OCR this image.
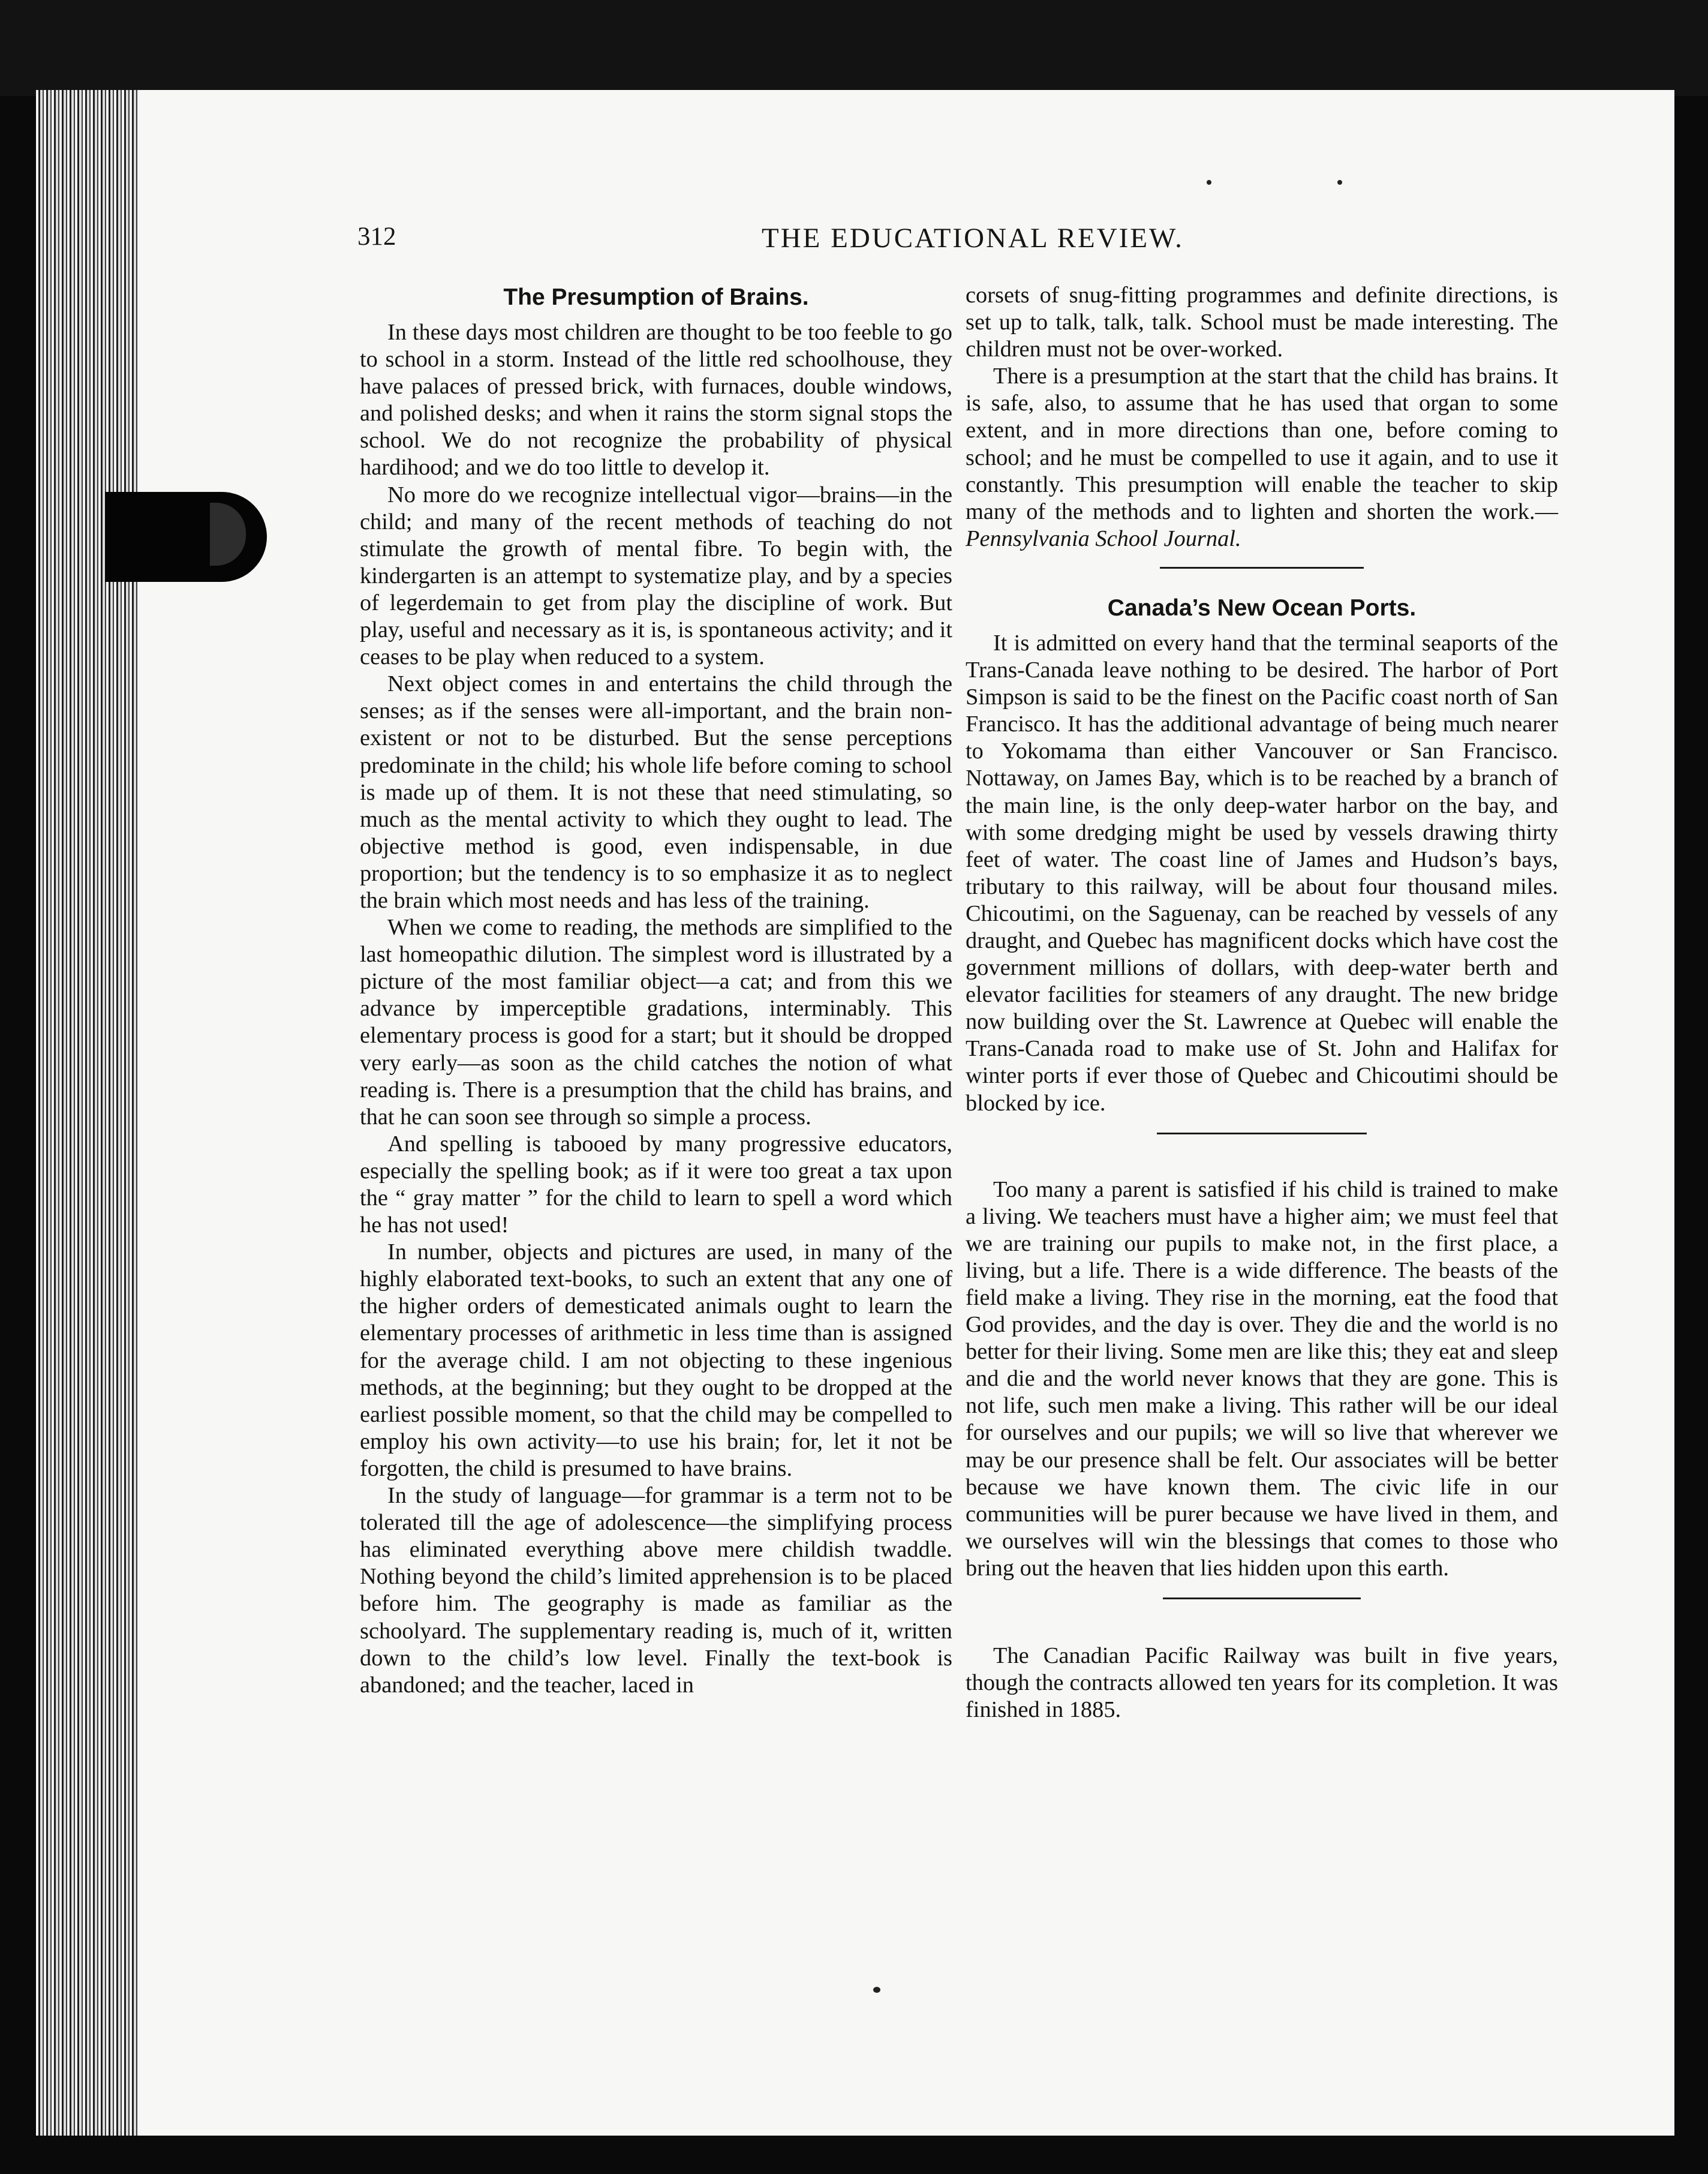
312	THE EDUCATIONAL REVIEW.
The Presumption of Brains.

In these days most children are thought to be too feeble to go to school in a storm. Instead of the little red schoolhouse, they have palaces of pressed brick, with furnaces, double windows, and polished desks; and when it rains the storm signal stops the school. We do not recognize the probability of physical hardihood; and we do too little to develop it.

No more do we recognize intellectual vigor—brains—in the child; and many of the recent methods of teaching do not stimulate the growth of mental fibre. To begin with, the kindergarten is an attempt to systematize play, and by a species of legerdemain to get from play the discipline of work. But play, useful and necessary as it is, is spontaneous activity; and it ceases to be play when reduced to a system.

Next object comes in and entertains the child through the senses; as if the senses were all-important, and the brain non-existent or not to be disturbed. But the sense perceptions predominate in the child; his whole life before coming to school is made up of them. It is not these that need stimulating, so much as the mental activity to which they ought to lead. The objective method is good, even indispensable, in due proportion; but the tendency is to so emphasize it as to neglect the brain which most needs and has less of the training.

When we come to reading, the methods are simplified to the last homeopathic dilution. The simplest word is illustrated by a picture of the most familiar object—a cat; and from this we advance by imperceptible gradations, interminably. This elementary process is good for a start; but it should be dropped very early—as soon as the child catches the notion of what reading is. There is a presumption that the child has brains, and that he can soon see through so simple a process.

And spelling is tabooed by many progressive educators, especially the spelling book; as if it were too great a tax upon the “ gray matter ” for the child to learn to spell a word which he has not used!

In number, objects and pictures are used, in many of the highly elaborated text-books, to such an extent that any one of the higher orders of demesticated animals ought to learn the elementary processes of arithmetic in less time than is assigned for the average child. I am not objecting to these ingenious methods, at the beginning; but they ought to be dropped at the earliest possible moment, so that the child may be compelled to employ his own activity—to use his brain; for, let it not be forgotten, the child is presumed to have brains.

In the study of language—for grammar is a term not to be tolerated till the age of adolescence—the simplifying process has eliminated everything above mere childish twaddle. Nothing beyond the child’s limited apprehension is to be placed before him. The geography is made as familiar as the schoolyard. The supplementary reading is, much of it, written down to the child’s low level. Finally the text-book is abandoned; and the teacher, laced in

corsets of snug-fitting programmes and definite directions, is set up to talk, talk, talk. School must be made interesting. The children must not be over-worked.

There is a presumption at the start that the child has brains. It is safe, also, to assume that he has used that organ to some extent, and in more directions than one, before coming to school; and he must be compelled to use it again, and to use it constantly. This presumption will enable the teacher to skip many of the methods and to lighten and shorten the work.—Pennsylvania School Journal.

Canada’s New Ocean Ports.

It is admitted on every hand that the terminal seaports of the Trans-Canada leave nothing to be desired. The harbor of Port Simpson is said to be the finest on the Pacific coast north of San Francisco. It has the additional advantage of being much nearer to Yokomama than either Vancouver or San Francisco. Nottaway, on James Bay, which is to be reached by a branch of the main line, is the only deep-water harbor on the bay, and with some dredging might be used by vessels drawing thirty feet of water. The coast line of James and Hudson’s bays, tributary to this railway, will be about four thousand miles. Chicoutimi, on the Saguenay, can be reached by vessels of any draught, and Quebec has magnificent docks which have cost the government millions of dollars, with deep-water berth and elevator facilities for steamers of any draught. The new bridge now building over the St. Lawrence at Quebec will enable the Trans-Canada road to make use of St. John and Halifax for winter ports if ever those of Quebec and Chicoutimi should be blocked by ice.

Too many a parent is satisfied if his child is trained to make a living. We teachers must have a higher aim; we must feel that we are training our pupils to make not, in the first place, a living, but a life. There is a wide difference. The beasts of the field make a living. They rise in the morning, eat the food that God provides, and the day is over. They die and the world is no better for their living. Some men are like this; they eat and sleep and die and the world never knows that they are gone. This is not life, such men make a living. This rather will be our ideal for ourselves and our pupils; we will so live that wherever we may be our presence shall be felt. Our associates will be better because we have known them. The civic life in our communities will be purer because we have lived in them, and we ourselves will win the blessings that comes to those who bring out the heaven that lies hidden upon this earth.

The Canadian Pacific Railway was built in five years, though the contracts allowed ten years for its completion. It was finished in 1885.
